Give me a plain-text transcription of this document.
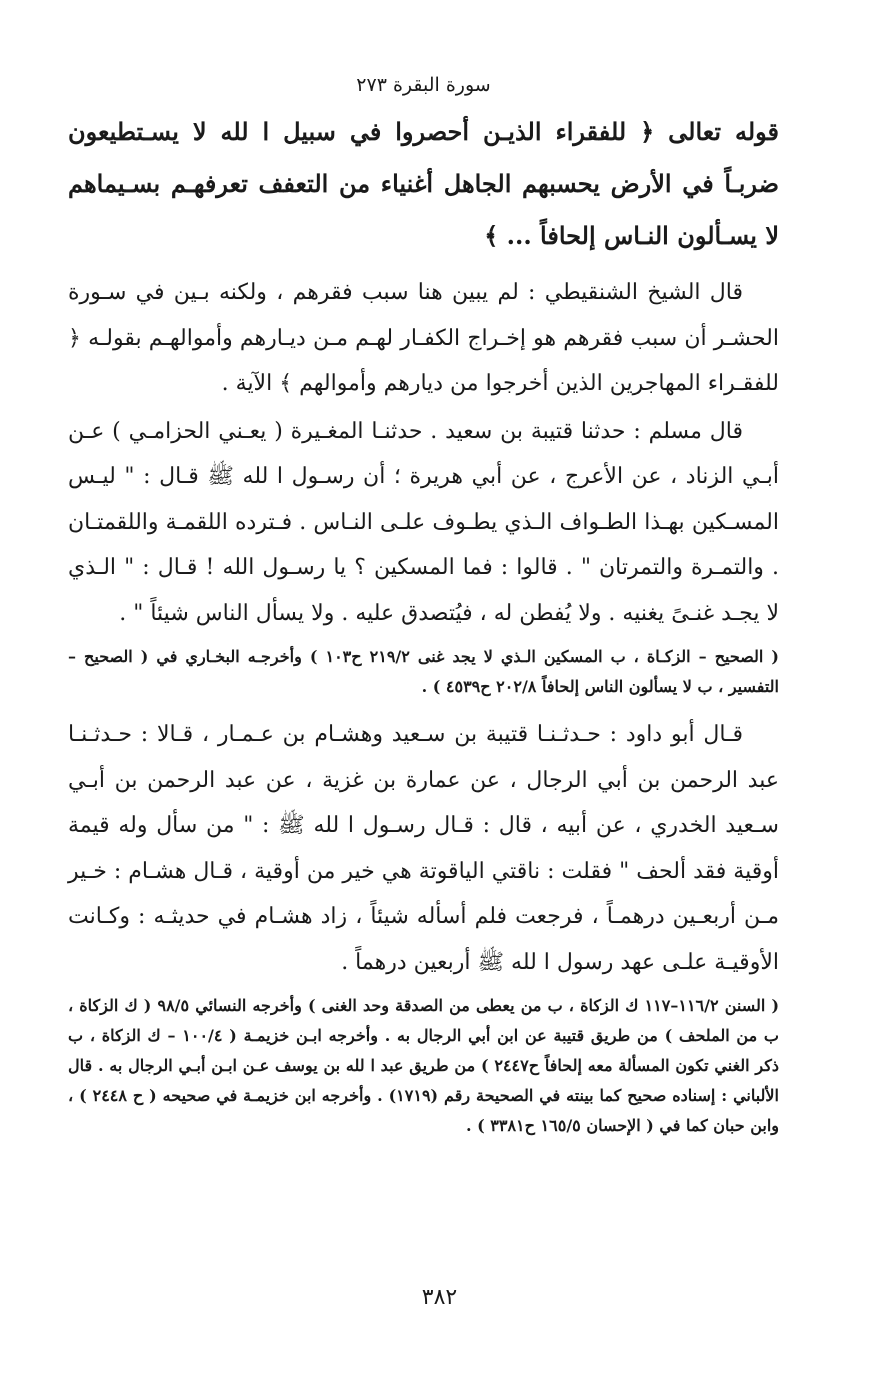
سورة البقرة ٢٧٣

قوله تعالى ﴿ للفقراء الذيـن أحصروا في سبيل ا لله لا يسـتطيعون ضربـاً في الأرض يحسبهم الجاهل أغنياء من التعفف تعرفهـم بسـيماهم لا يسـألون النـاس إلحافاً ... ﴾

قال الشيخ الشنقيطي : لم يبين هنا سبب فقرهم ، ولكنه بـين في سـورة الحشـر أن سبب فقرهم هو إخـراج الكفـار لهـم مـن ديـارهم وأموالهـم بقولـه ﴿ للفقـراء المهاجرين الذين أخرجوا من ديارهم وأموالهم ﴾ الآية .

قال مسلم : حدثنا قتيبة بن سعيد . حدثنـا المغـيرة ( يعـني الحزامـي ) عـن أبـي الزناد ، عن الأعرج ، عن أبي هريرة ؛ أن رسـول ا لله ﷺ قـال : " ليـس المسـكين بهـذا الطـواف الـذي يطـوف علـى النـاس . فـترده اللقمـة واللقمتـان . والتمـرة والتمرتان " . قالوا : فما المسكين ؟ يا رسـول الله ! قـال : " الـذي لا يجـد غنـىً يغنيه . ولا يُفطن له ، فيُتصدق عليه . ولا يسأل الناس شيئاً " .

( الصحيح – الزكـاة ، ب المسكين الـذي لا يجد غنى ٢١٩/٢ ح١٠٣ ) وأخرجـه البخـاري في ( الصحيح – التفسير ، ب لا يسألون الناس إلحافاً ٢٠٢/٨ ح٤٥٣٩ ) .

قـال أبو داود : حـدثـنـا قتيبة بن سـعيد وهشـام بن عـمـار ، قـالا : حـدثـنـا عبد الرحمن بن أبي الرجال ، عن عمارة بن غزية ، عن عبد الرحمن بن أبـي سـعيد الخدري ، عن أبيه ، قال : قـال رسـول ا لله ﷺ : " من سأل وله قيمة أوقية فقد ألحف " فقلت : ناقتي الياقوتة هي خير من أوقية ، قـال هشـام : خـير مـن أربعـين درهمـاً ، فرجعت فلم أسأله شيئاً ، زاد هشـام في حديثـه : وكـانت الأوقيـة علـى عهد رسول ا لله ﷺ أربعين درهماً .

( السنن ١١٦/٢–١١٧ ك الزكاة ، ب من يعطى من الصدقة وحد الغنى ) وأخرجه النسائي ٩٨/٥ ( ك الزكاة ، ب من الملحف ) من طريق قتيبة عن ابن أبي الرجال به . وأخرجه ابـن خزيمـة ( ١٠٠/٤ – ك الزكاة ، ب ذكر الغني تكون المسألة معه إلحافاً ح٢٤٤٧ ) من طريق عبد ا لله بن يوسف عـن ابـن أبـي الرجال به . قال الألباني : إسناده صحيح كما بينته في الصحيحة رقم (١٧١٩) . وأخرجه ابن خزيمـة في صحيحه ( ح ٢٤٤٨ ) ، وابن حبان كما في ( الإحسان ١٦٥/٥ ح٣٣٨١ ) .

٣٨٢
